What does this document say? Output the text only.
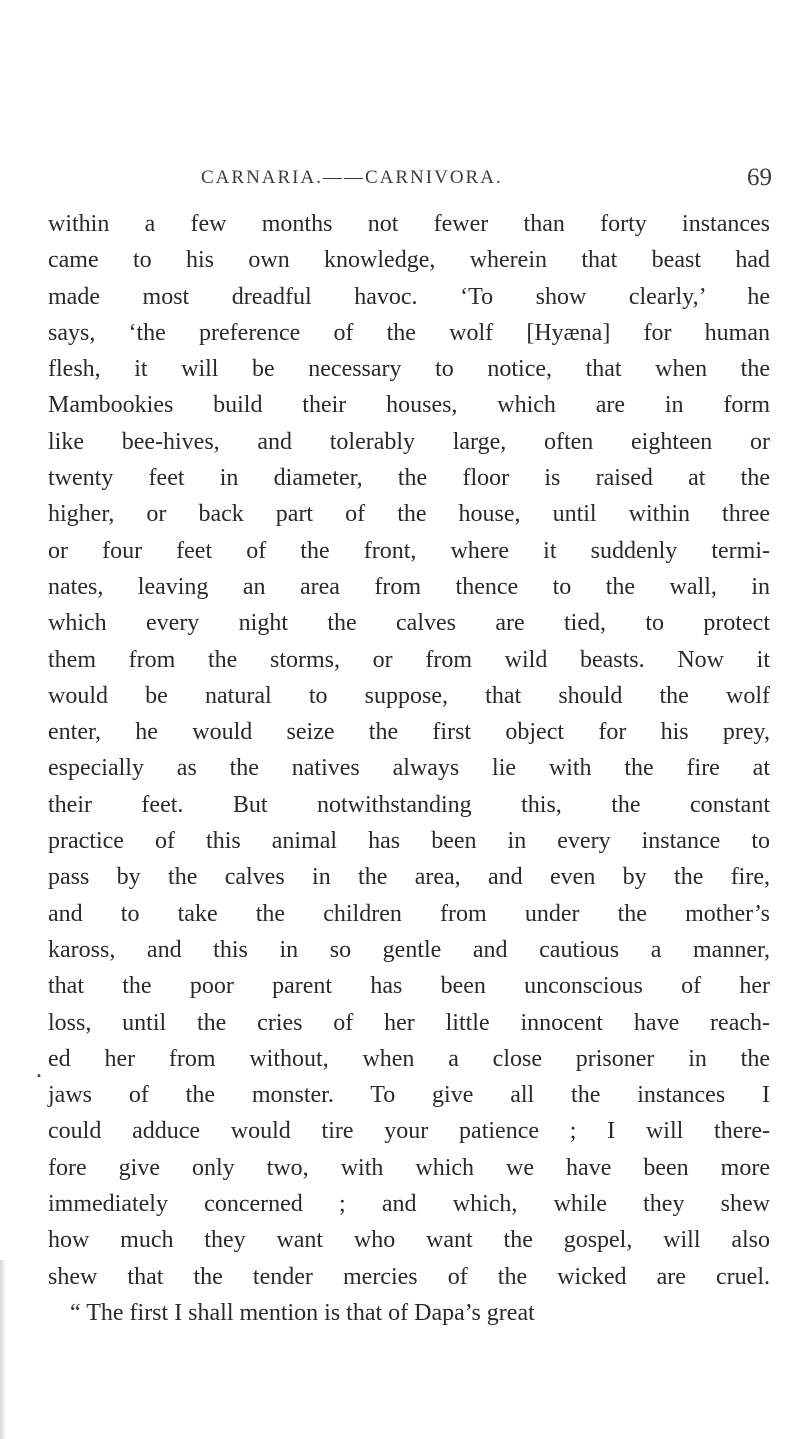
CARNARIA.——CARNIVORA.	69
.
within a few months not fewer than forty instances
came to his own knowledge, wherein that beast had
made most dreadful havoc. ‘To show clearly,’ he
says, ‘the preference of the wolf [Hyæna] for human
flesh, it will be necessary to notice, that when the
Mambookies build their houses, which are in form
like bee-hives, and tolerably large, often eighteen or
twenty feet in diameter, the floor is raised at the
higher, or back part of the house, until within three
or four feet of the front, where it suddenly termi-
nates, leaving an area from thence to the wall, in
which every night the calves are tied, to protect
them from the storms, or from wild beasts. Now it
would be natural to suppose, that should the wolf
enter, he would seize the first object for his prey,
especially as the natives always lie with the fire at
their feet. But notwithstanding this, the constant
practice of this animal has been in every instance to
pass by the calves in the area, and even by the fire,
and to take the children from under the mother’s
kaross, and this in so gentle and cautious a manner,
that the poor parent has been unconscious of her
loss, until the cries of her little innocent have reach-
ed her from without, when a close prisoner in the
jaws of the monster. To give all the instances I
could adduce would tire your patience ; I will there-
fore give only two, with which we have been more
immediately concerned ; and which, while they shew
how much they want who want the gospel, will also
shew that the tender mercies of the wicked are cruel.
“ The first I shall mention is that of Dapa’s great
